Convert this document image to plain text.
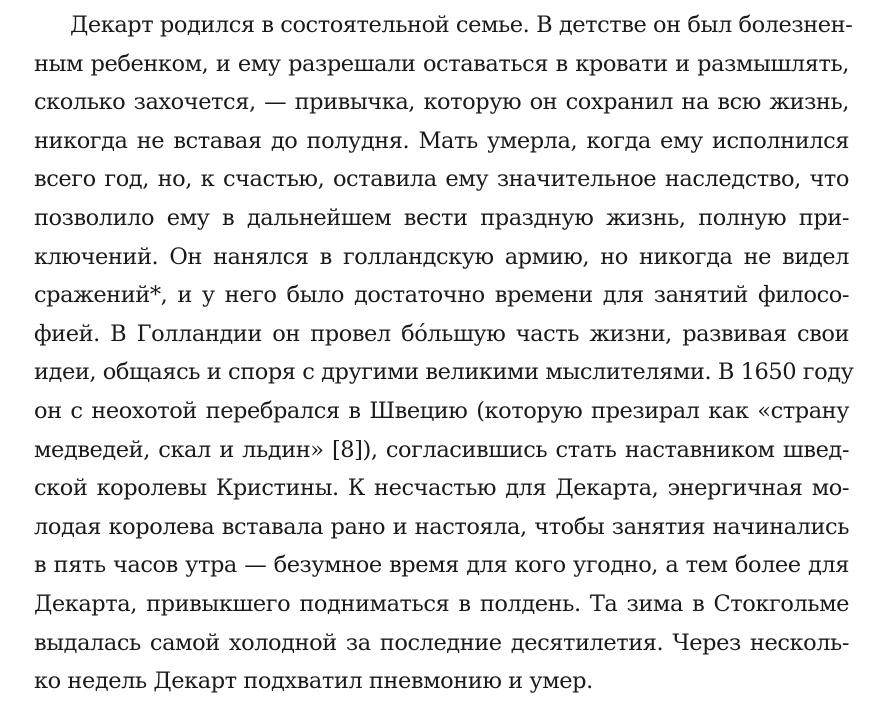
Декарт родился в состоятельной семье. В детстве он был болезнен-
ным ребенком, и ему разрешали оставаться в кровати и размышлять,
сколько захочется, — привычка, которую он сохранил на всю жизнь,
никогда не вставая до полудня. Мать умерла, когда ему исполнился
всего год, но, к счастью, оставила ему значительное наследство, что
позволило ему в дальнейшем вести праздную жизнь, полную при-
ключений. Он нанялся в голландскую армию, но никогда не видел
сражений*, и у него было достаточно времени для занятий филосо-
фией. В Голландии он провел бóльшую часть жизни, развивая свои
идеи, общаясь и споря с другими великими мыслителями. В 1650 году
он с неохотой перебрался в Швецию (которую презирал как «страну
медведей, скал и льдин» [8]), согласившись стать наставником швед-
ской королевы Кристины. К несчастью для Декарта, энергичная мо-
лодая королева вставала рано и настояла, чтобы занятия начинались
в пять часов утра — безумное время для кого угодно, а тем более для
Декарта, привыкшего подниматься в полдень. Та зима в Стокгольме
выдалась самой холодной за последние десятилетия. Через несколь-
ко недель Декарт подхватил пневмонию и умер.
